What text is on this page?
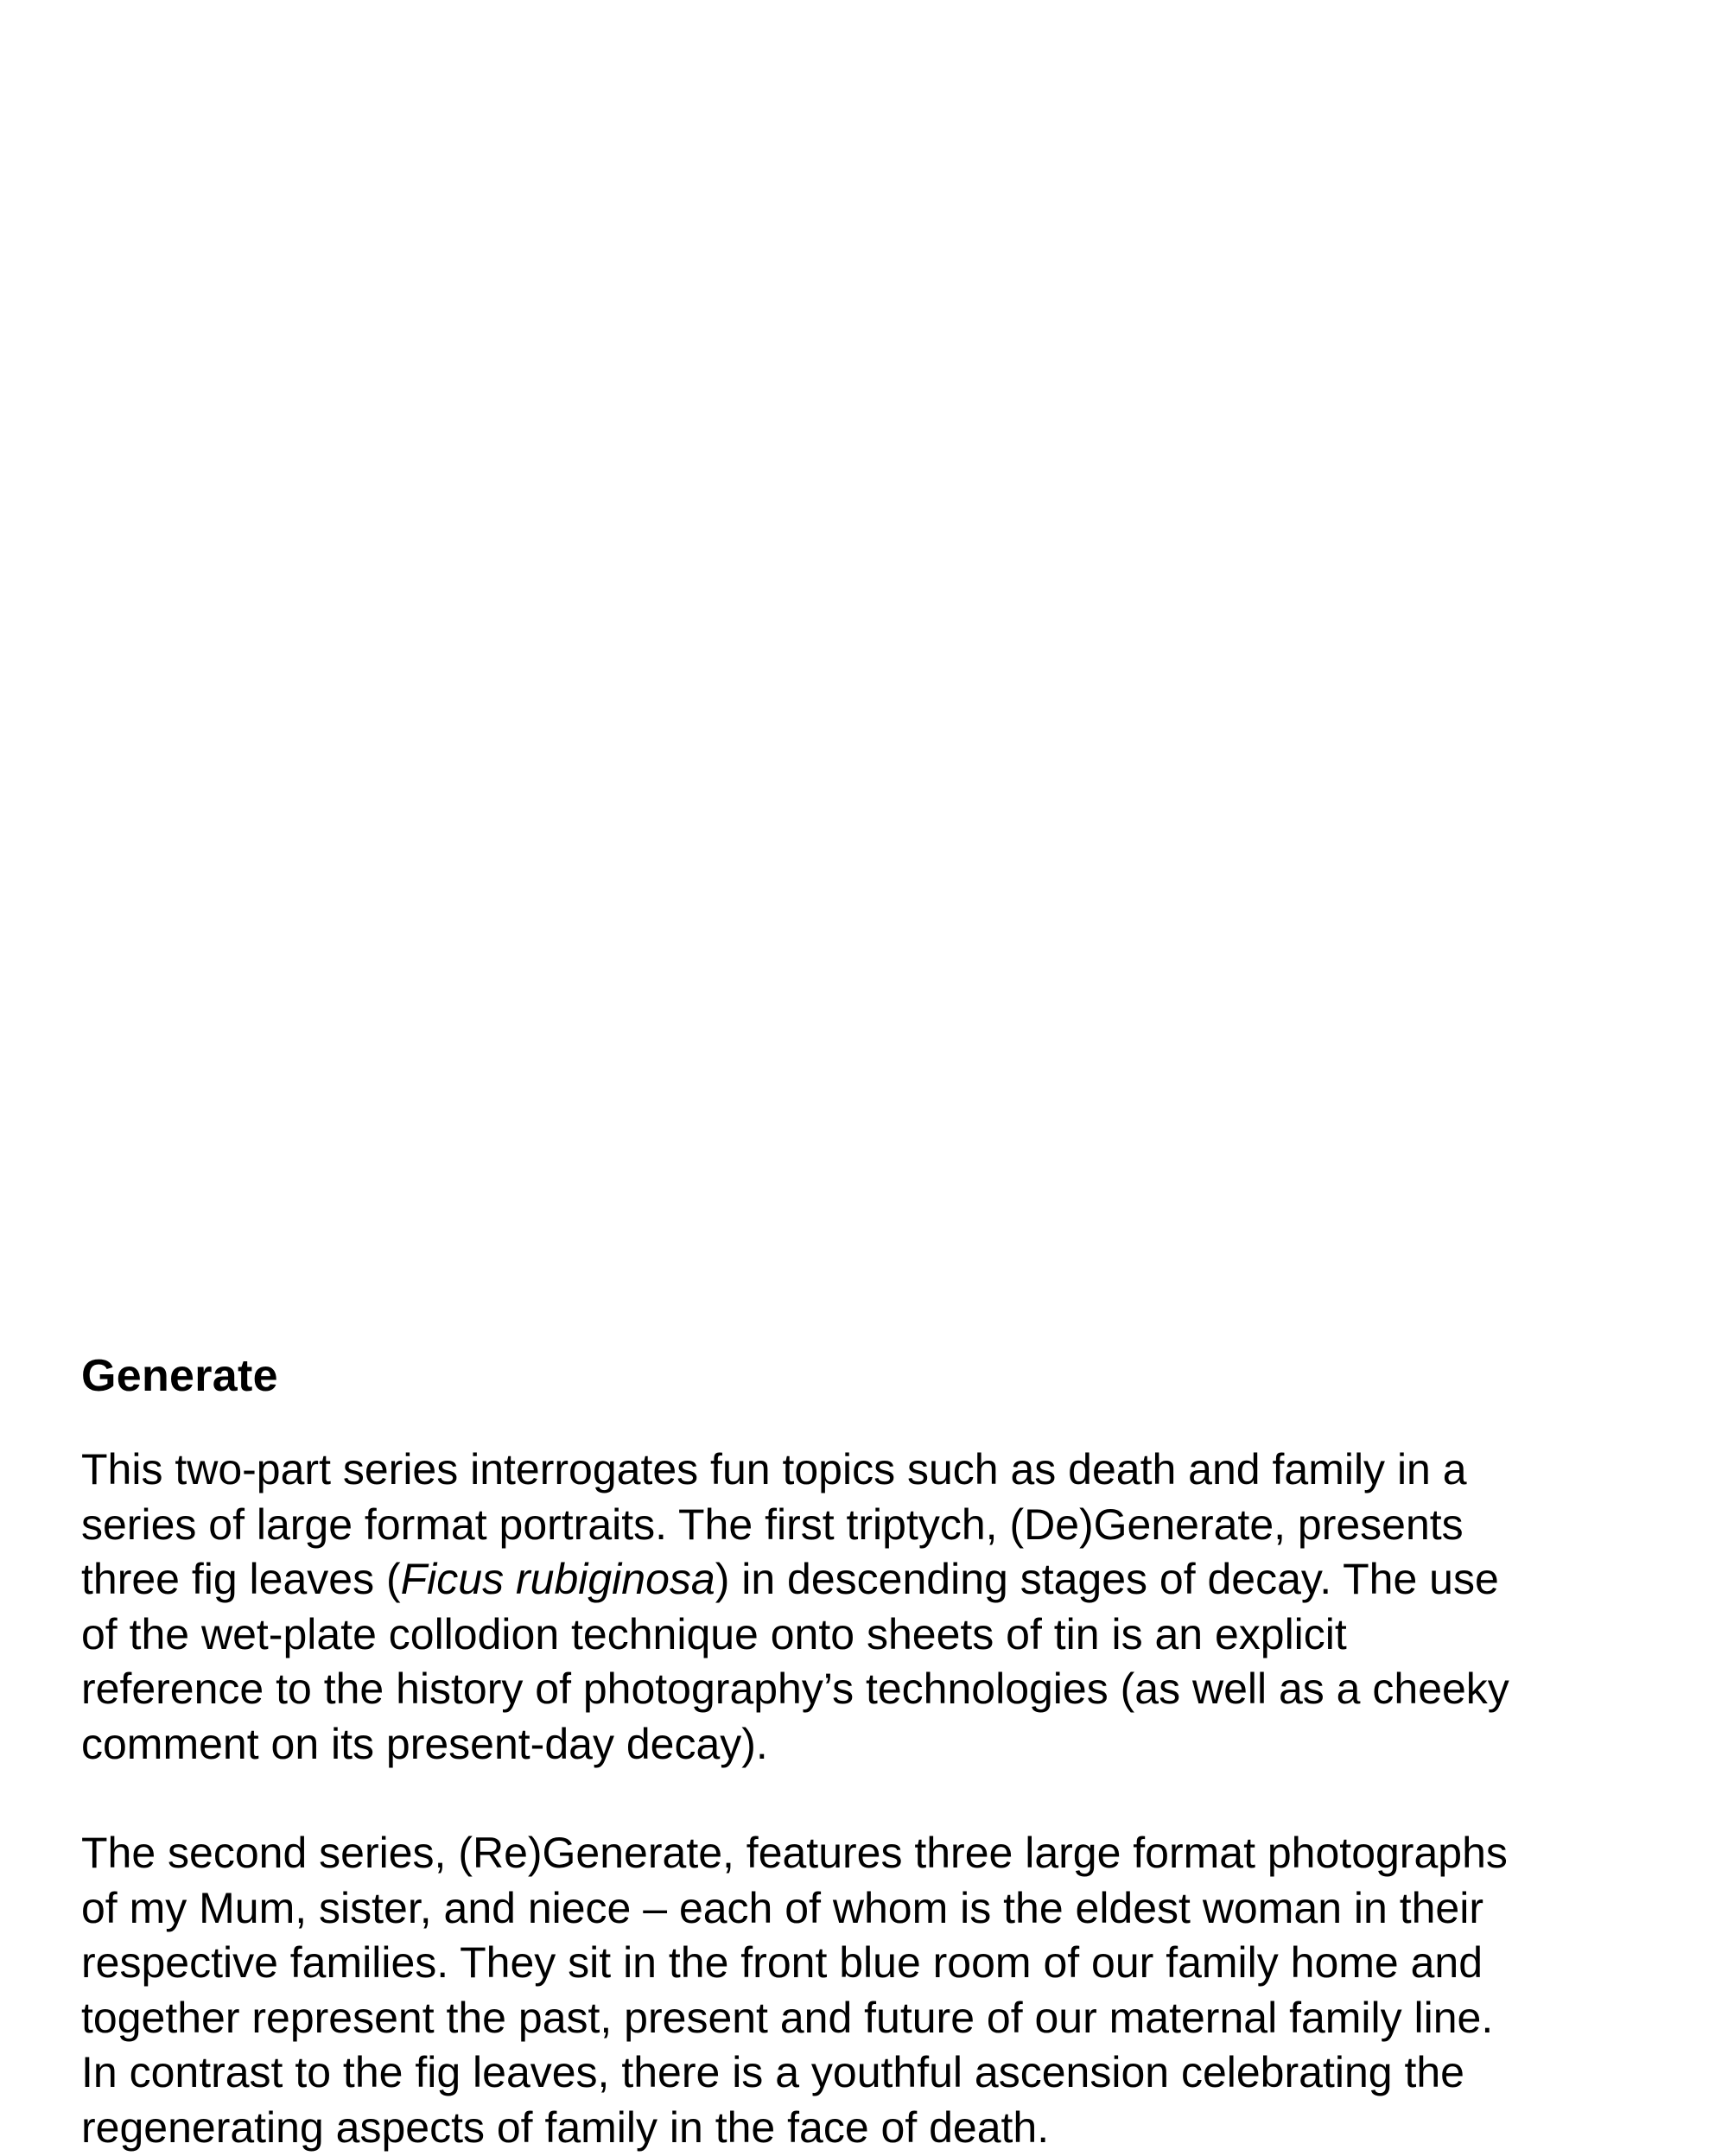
Generate

This two-part series interrogates fun topics such as death and family in a
series of large format portraits. The first triptych, (De)Generate, presents
three fig leaves (Ficus rubiginosa) in descending stages of decay. The use
of the wet-plate collodion technique onto sheets of tin is an explicit
reference to the history of photography’s technologies (as well as a cheeky
comment on its present-day decay).

The second series, (Re)Generate, features three large format photographs
of my Mum, sister, and niece – each of whom is the eldest woman in their
respective families. They sit in the front blue room of our family home and
together represent the past, present and future of our maternal family line.
In contrast to the fig leaves, there is a youthful ascension celebrating the
regenerating aspects of family in the face of death.
